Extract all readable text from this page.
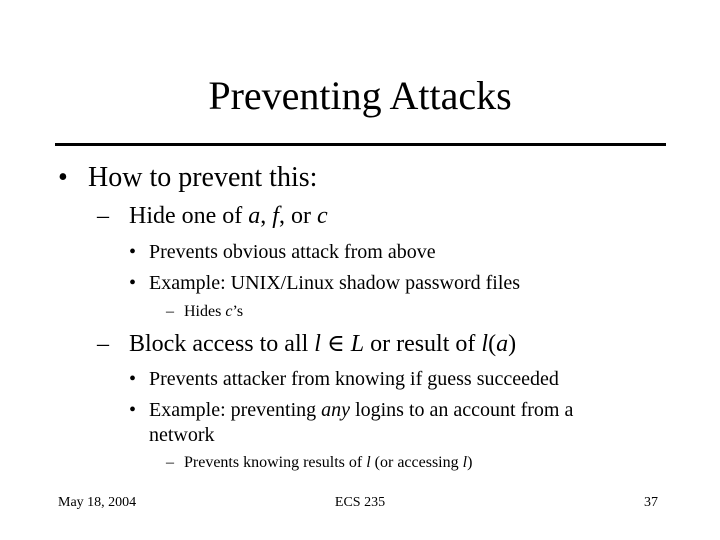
Preventing Attacks
• How to prevent this:
– Hide one of a, f, or c
• Prevents obvious attack from above
• Example: UNIX/Linux shadow password files
– Hides c’s
– Block access to all l ∈ L or result of l(a)
• Prevents attacker from knowing if guess succeeded
• Example: preventing any logins to an account from a
network
– Prevents knowing results of l (or accessing l)
May 18, 2004	ECS 235	37
